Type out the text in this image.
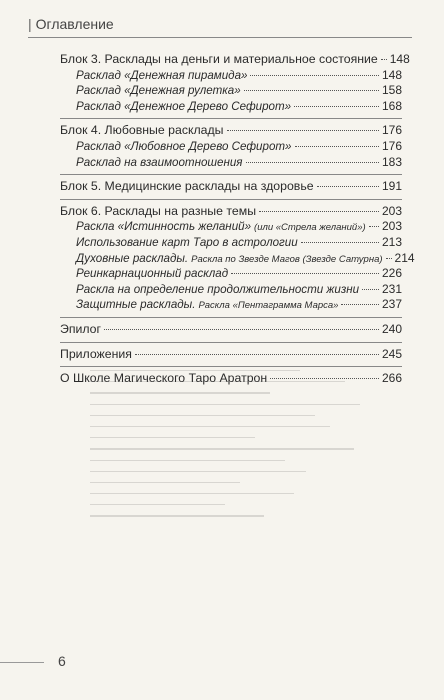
| Оглавление
Блок 3. Расклады на деньги и материальное состояние 148
Расклад «Денежная пирамида»	148
Расклад «Денежная рулетка»	158
Расклад «Денежное Дерево Сефирот»	168
Блок 4. Любовные расклады	176
Расклад «Любовное Дерево Сефирот»	176
Расклад на взаимоотношения	183
Блок 5. Медицинские расклады на здоровье	191
Блок 6. Расклады на разные темы	203
Раскла «Истинность желаний» (или «Стрела желаний») 203
Использование карт Таро в астрологии	213
Духовные расклады. Раскла по Звезде Магов (Звезде Сатурна) 214
Реинкарнационный расклад	226
Раскла на определение продолжительности жизни 231
Защитные расклады. Раскла «Пентаграмма Марса»	237
Эпилог	240
Приложения	245
О Школе Магического Таро Аратрон	266
6
